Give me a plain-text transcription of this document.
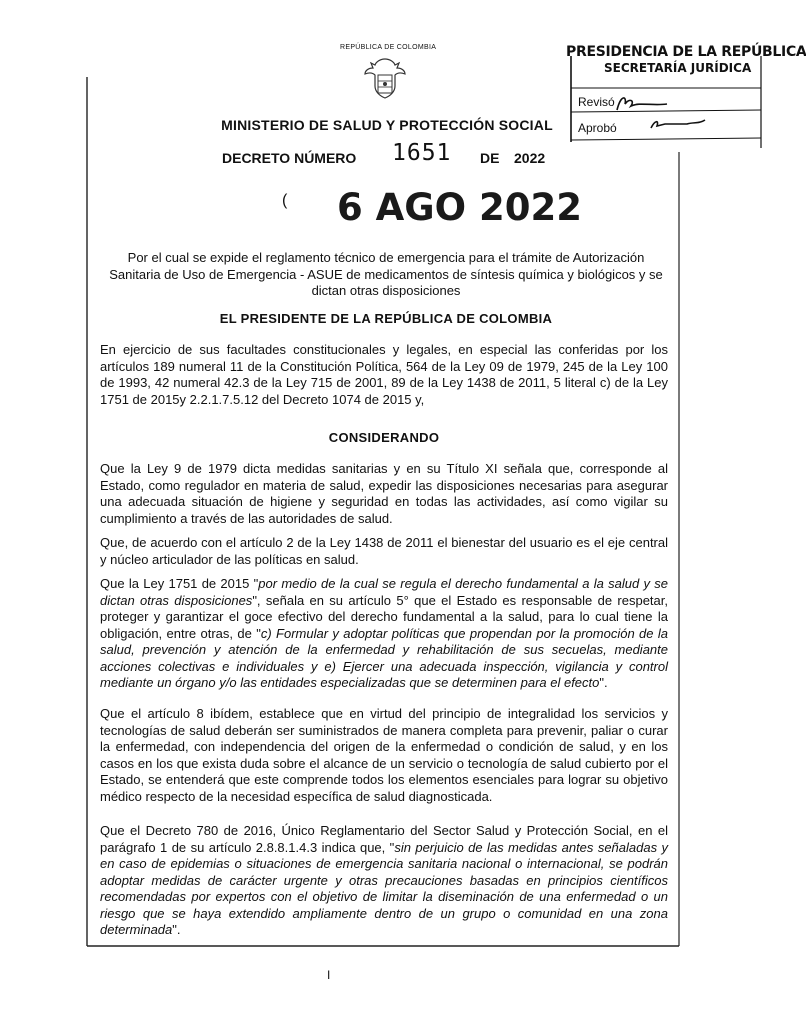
REPÚBLICA DE COLOMBIA	PRESIDENCIA DE LA REPÚBLICA
SECRETARÍA JURÍDICA
Revisó
Aprobó
MINISTERIO DE SALUD Y PROTECCIÓN SOCIAL
DECRETO NÚMERO 1651 DE 2022
( 6 AGO 2022
Por el cual se expide el reglamento técnico de emergencia para el trámite de Autorización Sanitaria de Uso de Emergencia - ASUE de medicamentos de síntesis química y biológicos y se dictan otras disposiciones
EL PRESIDENTE DE LA REPÚBLICA DE COLOMBIA
En ejercicio de sus facultades constitucionales y legales, en especial las conferidas por los artículos 189 numeral 11 de la Constitución Política, 564 de la Ley 09 de 1979, 245 de la Ley 100 de 1993, 42 numeral 42.3 de la Ley 715 de 2001, 89 de la Ley 1438 de 2011, 5 literal c) de la Ley 1751 de 2015y 2.2.1.7.5.12 del Decreto 1074 de 2015 y,
CONSIDERANDO
Que la Ley 9 de 1979 dicta medidas sanitarias y en su Título XI señala que, corresponde al Estado, como regulador en materia de salud, expedir las disposiciones necesarias para asegurar una adecuada situación de higiene y seguridad en todas las actividades, así como vigilar su cumplimiento a través de las autoridades de salud.
Que, de acuerdo con el artículo 2 de la Ley 1438 de 2011 el bienestar del usuario es el eje central y núcleo articulador de las políticas en salud.
Que la Ley 1751 de 2015 "por medio de la cual se regula el derecho fundamental a la salud y se dictan otras disposiciones", señala en su artículo 5° que el Estado es responsable de respetar, proteger y garantizar el goce efectivo del derecho fundamental a la salud, para lo cual tiene la obligación, entre otras, de "c) Formular y adoptar políticas que propendan por la promoción de la salud, prevención y atención de la enfermedad y rehabilitación de sus secuelas, mediante acciones colectivas e individuales y e) Ejercer una adecuada inspección, vigilancia y control mediante un órgano y/o las entidades especializadas que se determinen para el efecto".
Que el artículo 8 ibídem, establece que en virtud del principio de integralidad los servicios y tecnologías de salud deberán ser suministrados de manera completa para prevenir, paliar o curar la enfermedad, con independencia del origen de la enfermedad o condición de salud, y en los casos en los que exista duda sobre el alcance de un servicio o tecnología de salud cubierto por el Estado, se entenderá que este comprende todos los elementos esenciales para lograr su objetivo médico respecto de la necesidad específica de salud diagnosticada.
Que el Decreto 780 de 2016, Único Reglamentario del Sector Salud y Protección Social, en el parágrafo 1 de su artículo 2.8.8.1.4.3 indica que, "sin perjuicio de las medidas antes señaladas y en caso de epidemias o situaciones de emergencia sanitaria nacional o internacional, se podrán adoptar medidas de carácter urgente y otras precauciones basadas en principios científicos recomendadas por expertos con el objetivo de limitar la diseminación de una enfermedad o un riesgo que se haya extendido ampliamente dentro de un grupo o comunidad en una zona determinada".
I
